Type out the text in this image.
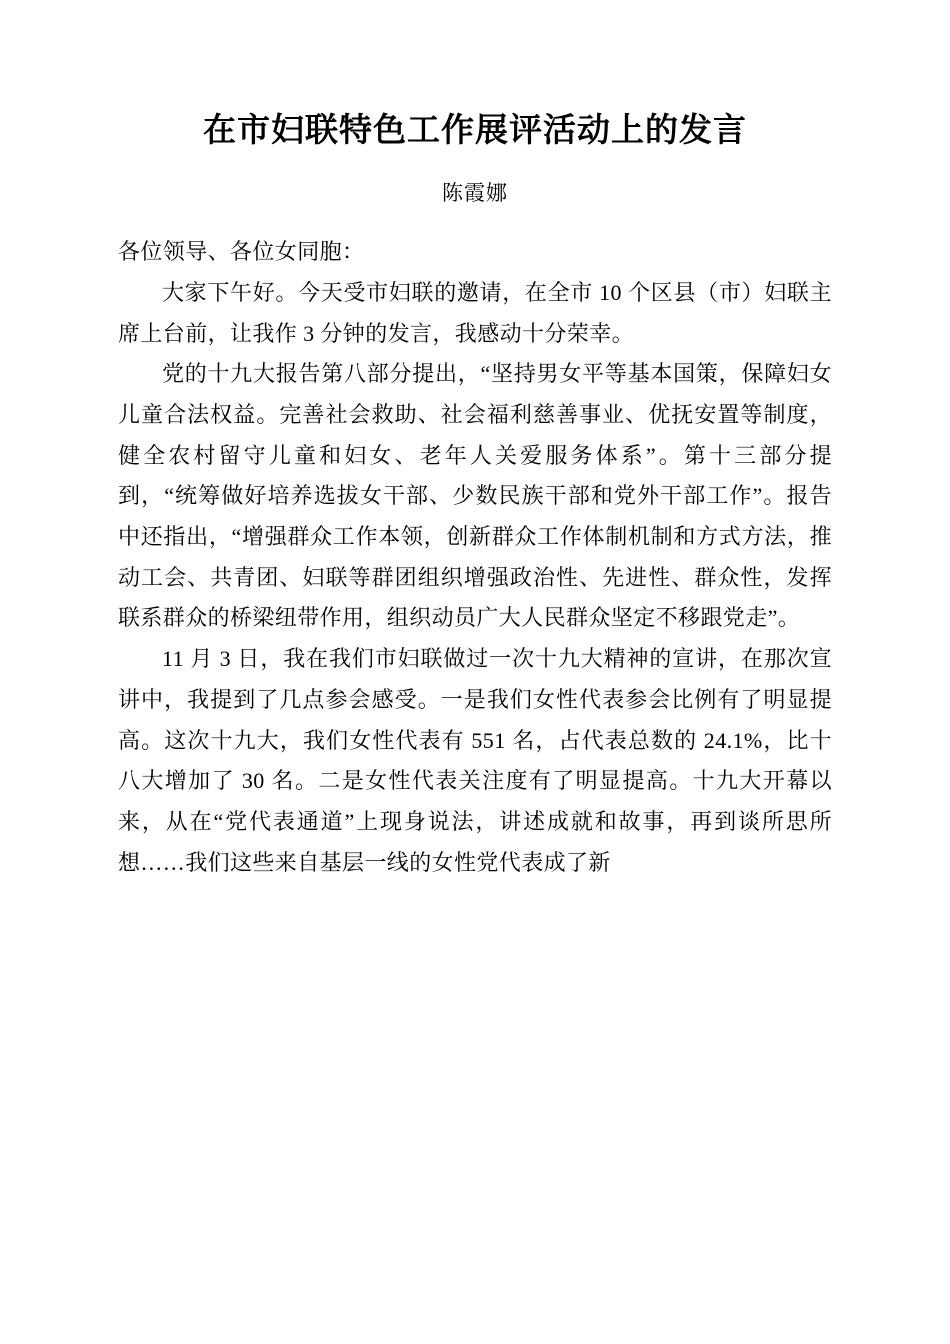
在市妇联特色工作展评活动上的发言
陈霞娜

各位领导、各位女同胞：

大家下午好。今天受市妇联的邀请，在全市 10 个区县（市）妇联主席上台前，让我作 3 分钟的发言，我感动十分荣幸。

党的十九大报告第八部分提出，“坚持男女平等基本国策，保障妇女儿童合法权益。完善社会救助、社会福利慈善事业、优抚安置等制度，健全农村留守儿童和妇女、老年人关爱服务体系”。第十三部分提到，“统筹做好培养选拔女干部、少数民族干部和党外干部工作”。报告中还指出，“增强群众工作本领，创新群众工作体制机制和方式方法，推动工会、共青团、妇联等群团组织增强政治性、先进性、群众性，发挥联系群众的桥梁纽带作用，组织动员广大人民群众坚定不移跟党走”。

11 月 3 日，我在我们市妇联做过一次十九大精神的宣讲，在那次宣讲中，我提到了几点参会感受。一是我们女性代表参会比例有了明显提高。这次十九大，我们女性代表有 551 名，占代表总数的 24.1%，比十八大增加了 30 名。二是女性代表关注度有了明显提高。十九大开幕以来，从在“党代表通道”上现身说法，讲述成就和故事，再到谈所思所想……我们这些来自基层一线的女性党代表成了新
